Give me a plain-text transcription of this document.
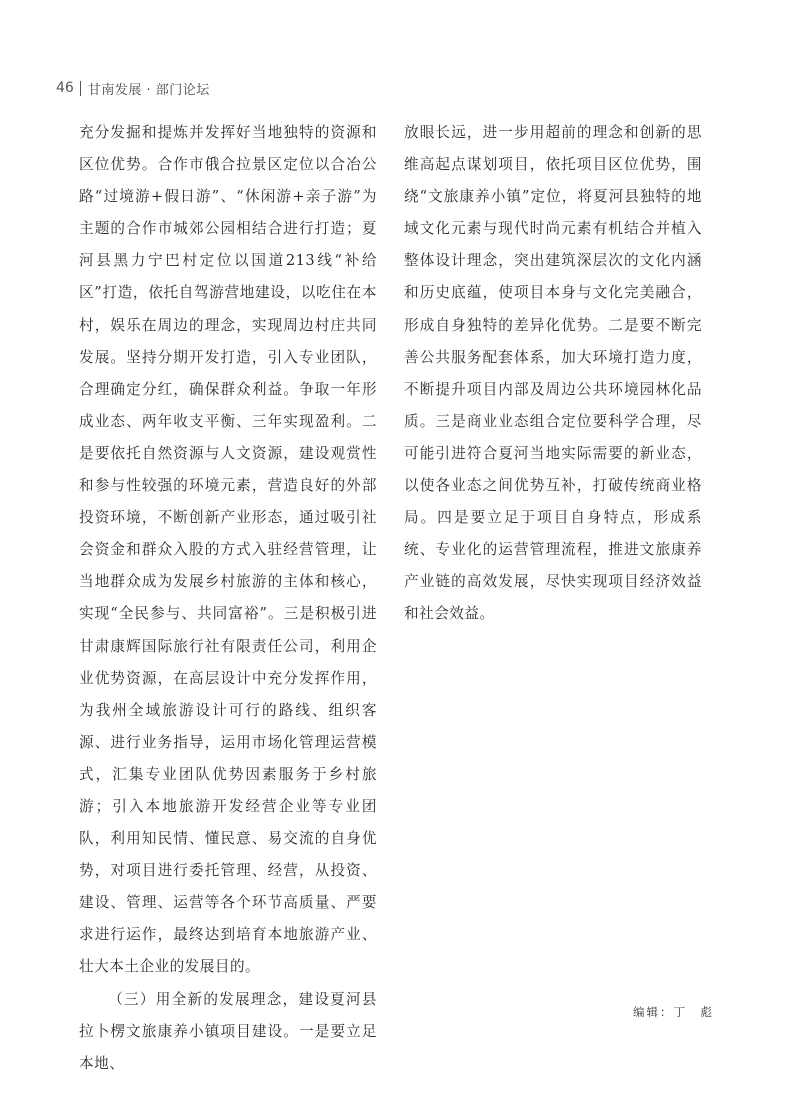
46 甘南发展 · 部门论坛

充分发掘和提炼并发挥好当地独特的资源和区位优势。合作市俄合拉景区定位以合冶公路“过境游+假日游”、“休闲游+亲子游”为主题的合作市城郊公园相结合进行打造；夏河县黑力宁巴村定位以国道213线“补给区”打造，依托自驾游营地建设，以吃住在本村，娱乐在周边的理念，实现周边村庄共同发展。坚持分期开发打造，引入专业团队，合理确定分红，确保群众利益。争取一年形成业态、两年收支平衡、三年实现盈利。二是要依托自然资源与人文资源，建设观赏性和参与性较强的环境元素，营造良好的外部投资环境，不断创新产业形态，通过吸引社会资金和群众入股的方式入驻经营管理，让当地群众成为发展乡村旅游的主体和核心，实现“全民参与、共同富裕”。三是积极引进甘肃康辉国际旅行社有限责任公司，利用企业优势资源，在高层设计中充分发挥作用，为我州全域旅游设计可行的路线、组织客源、进行业务指导，运用市场化管理运营模式，汇集专业团队优势因素服务于乡村旅游；引入本地旅游开发经营企业等专业团队，利用知民情、懂民意、易交流的自身优势，对项目进行委托管理、经营，从投资、建设、管理、运营等各个环节高质量、严要求进行运作，最终达到培育本地旅游产业、壮大本土企业的发展目的。

（三）用全新的发展理念，建设夏河县拉卜楞文旅康养小镇项目建设。一是要立足本地、

放眼长远，进一步用超前的理念和创新的思维高起点谋划项目，依托项目区位优势，围绕“文旅康养小镇”定位，将夏河县独特的地域文化元素与现代时尚元素有机结合并植入整体设计理念，突出建筑深层次的文化内涵和历史底蕴，使项目本身与文化完美融合，形成自身独特的差异化优势。二是要不断完善公共服务配套体系，加大环境打造力度，不断提升项目内部及周边公共环境园林化品质。三是商业业态组合定位要科学合理，尽可能引进符合夏河当地实际需要的新业态，以使各业态之间优势互补，打破传统商业格局。四是要立足于项目自身特点，形成系统、专业化的运营管理流程，推进文旅康养产业链的高效发展，尽快实现项目经济效益和社会效益。

编辑：丁　彪
